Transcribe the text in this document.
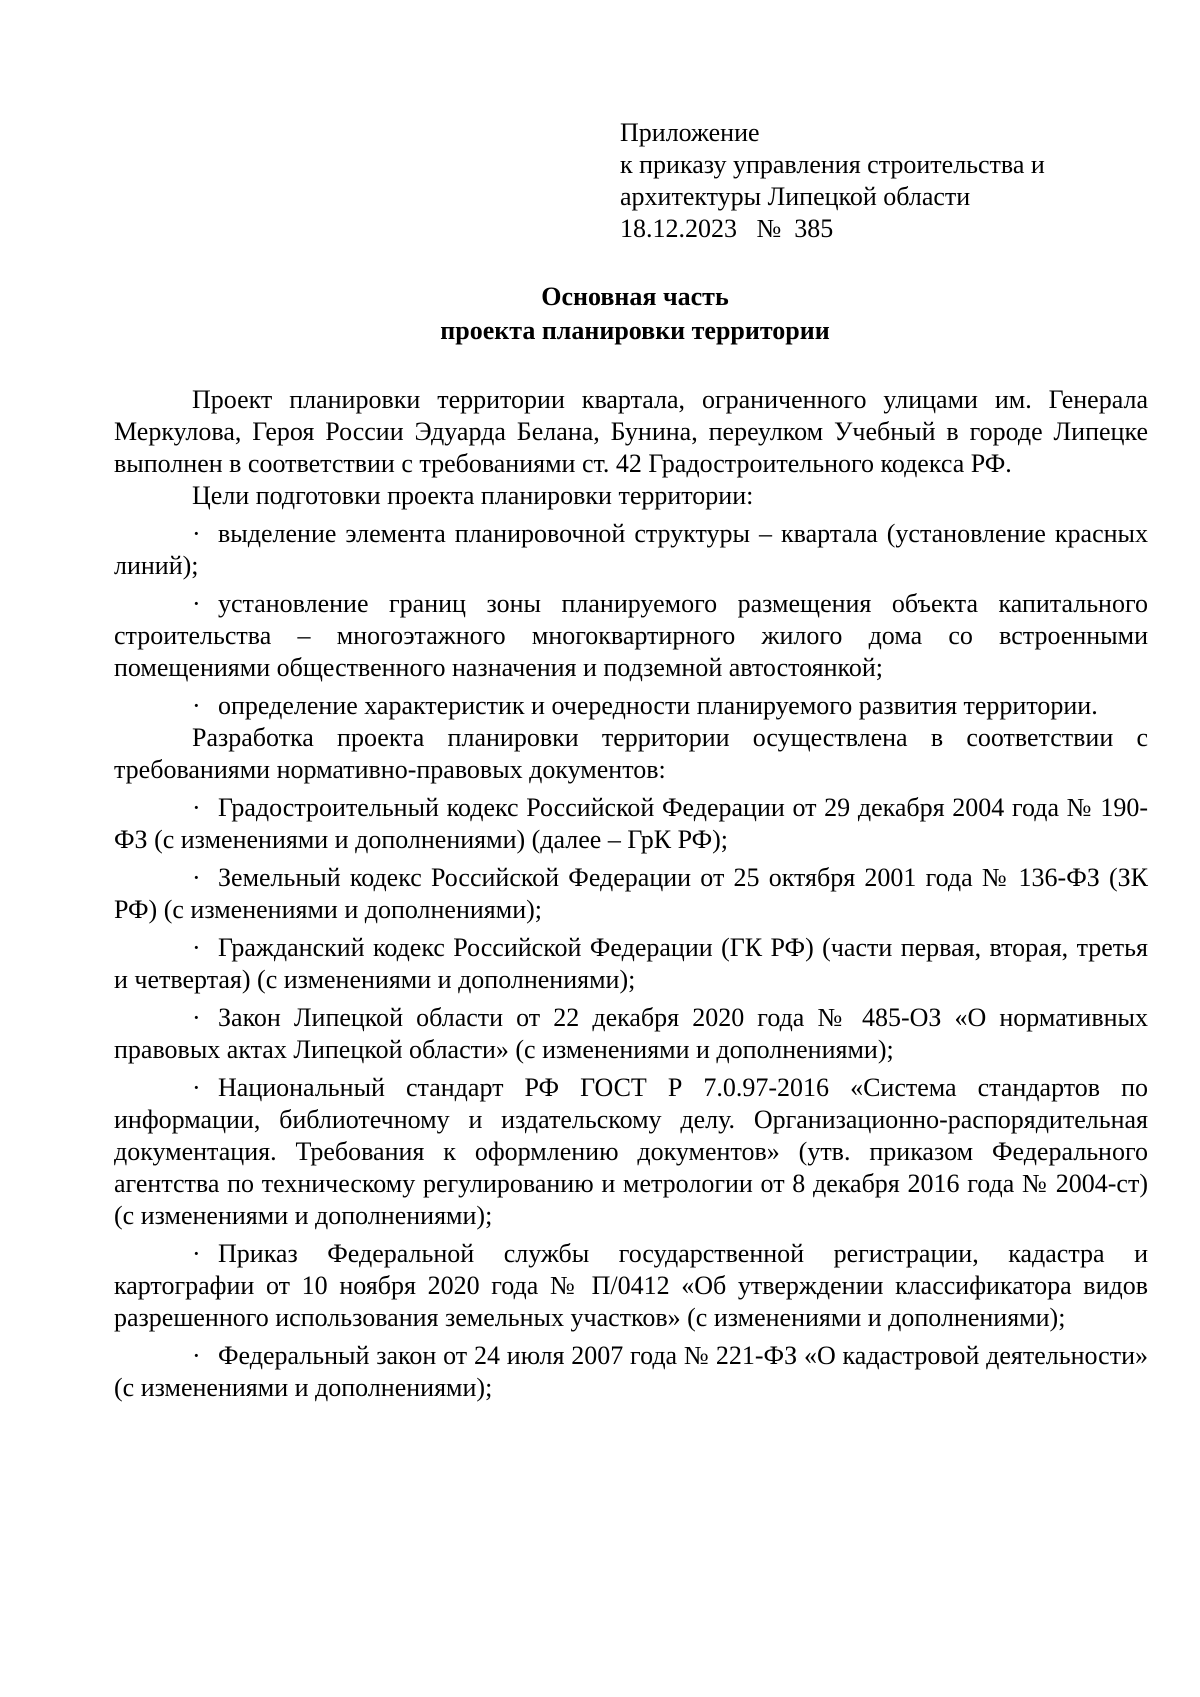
Приложение
к приказу управления строительства и
архитектуры Липецкой области
18.12.2023   №  385
Основная часть
проекта планировки территории

Проект планировки территории квартала, ограниченного улицами им. Генерала Меркулова, Героя России Эдуарда Белана, Бунина, переулком Учебный в городе Липецке выполнен в соответствии с требованиями ст. 42 Градостроительного кодекса РФ.

Цели подготовки проекта планировки территории:

· выделение элемента планировочной структуры – квартала (установление красных линий);

· установление границ зоны планируемого размещения объекта капитального строительства – многоэтажного многоквартирного жилого дома со встроенными помещениями общественного назначения и подземной автостоянкой;

· определение характеристик и очередности планируемого развития территории.

Разработка проекта планировки территории осуществлена в соответствии с требованиями нормативно-правовых документов:

· Градостроительный кодекс Российской Федерации от 29 декабря 2004 года № 190-ФЗ (с изменениями и дополнениями) (далее – ГрК РФ);

· Земельный кодекс Российской Федерации от 25 октября 2001 года № 136-ФЗ (ЗК РФ) (с изменениями и дополнениями);

· Гражданский кодекс Российской Федерации (ГК РФ) (части первая, вторая, третья и четвертая) (с изменениями и дополнениями);

· Закон Липецкой области от 22 декабря 2020 года № 485-ОЗ «О нормативных правовых актах Липецкой области» (с изменениями и дополнениями);

· Национальный стандарт РФ ГОСТ Р 7.0.97-2016 «Система стандартов по информации, библиотечному и издательскому делу. Организационно-распорядительная документация. Требования к оформлению документов» (утв. приказом Федерального агентства по техническому регулированию и метрологии от 8 декабря 2016 года № 2004-ст) (с изменениями и дополнениями);

· Приказ Федеральной службы государственной регистрации, кадастра и картографии от 10 ноября 2020 года № П/0412 «Об утверждении классификатора видов разрешенного использования земельных участков» (с изменениями и дополнениями);

· Федеральный закон от 24 июля 2007 года № 221-ФЗ «О кадастровой деятельности» (с изменениями и дополнениями);
